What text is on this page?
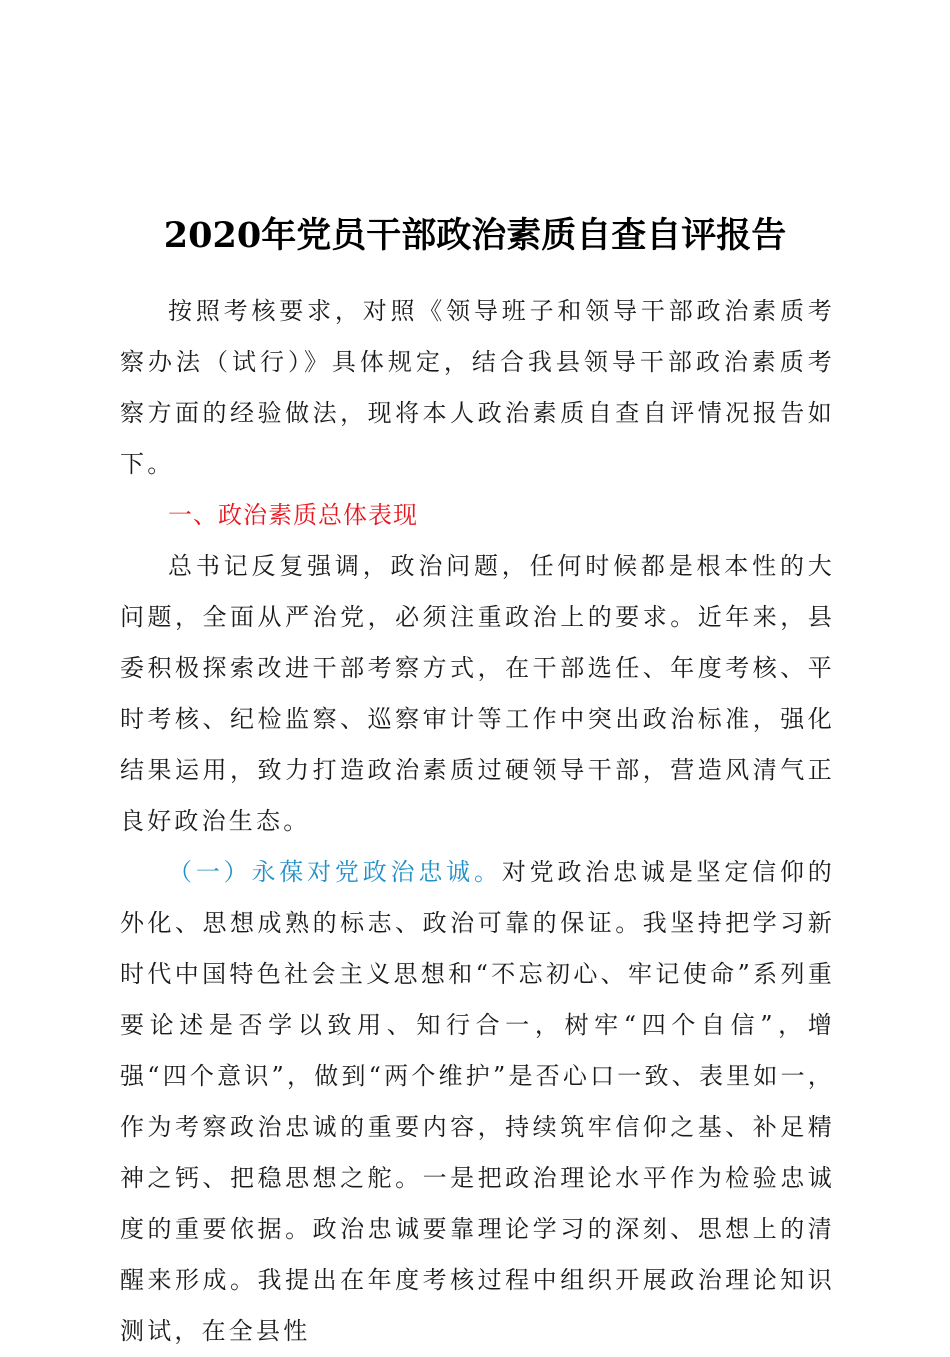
2020年党员干部政治素质自查自评报告

按照考核要求，对照《领导班子和领导干部政治素质考察办法（试行）》具体规定，结合我县领导干部政治素质考察方面的经验做法，现将本人政治素质自查自评情况报告如下。

一、政治素质总体表现

总书记反复强调，政治问题，任何时候都是根本性的大问题，全面从严治党，必须注重政治上的要求。近年来，县委积极探索改进干部考察方式，在干部选任、年度考核、平时考核、纪检监察、巡察审计等工作中突出政治标准，强化结果运用，致力打造政治素质过硬领导干部，营造风清气正良好政治生态。

（一）永葆对党政治忠诚。对党政治忠诚是坚定信仰的外化、思想成熟的标志、政治可靠的保证。我坚持把学习新时代中国特色社会主义思想和“不忘初心、牢记使命”系列重要论述是否学以致用、知行合一，树牢“四个自信”，增强“四个意识”，做到“两个维护”是否心口一致、表里如一，作为考察政治忠诚的重要内容，持续筑牢信仰之基、补足精神之钙、把稳思想之舵。一是把政治理论水平作为检验忠诚度的重要依据。政治忠诚要靠理论学习的深刻、思想上的清醒来形成。我提出在年度考核过程中组织开展政治理论知识测试，在全县性
